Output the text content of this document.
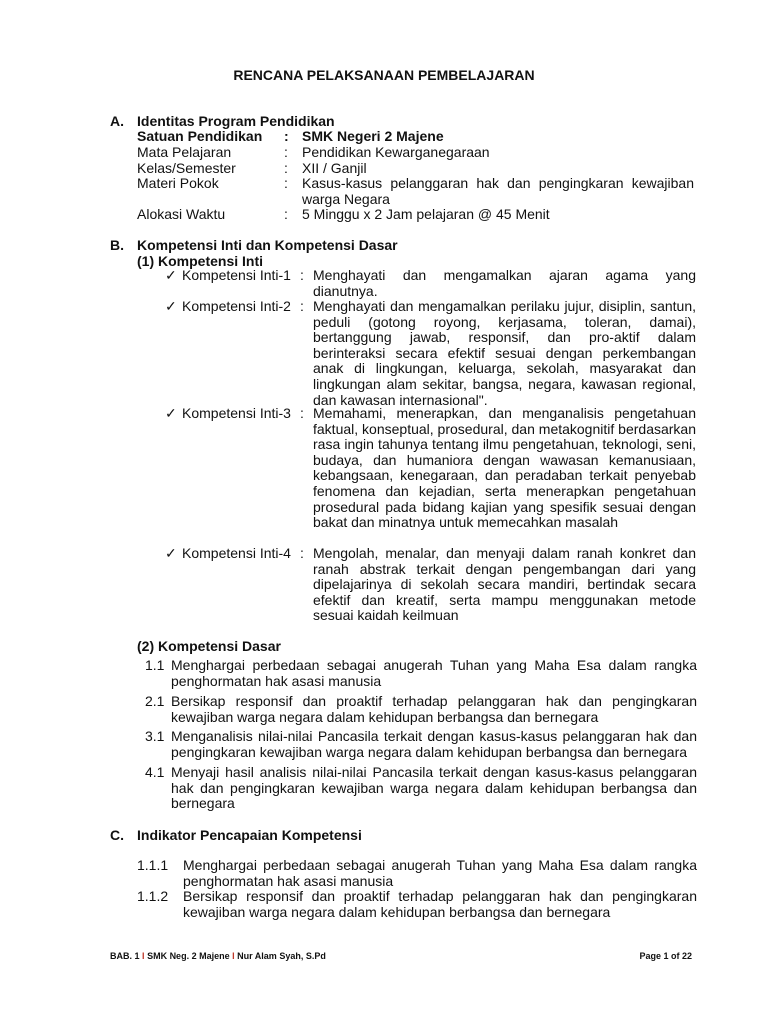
RENCANA PELAKSANAAN PEMBELAJARAN
A. Identitas Program Pendidikan
Satuan Pendidikan : SMK Negeri 2 Majene
Mata Pelajaran	: Pendidikan Kewarganegaraan
Kelas/Semester	: XII / Ganjil
Materi Pokok	: Kasus-kasus pelanggaran hak dan pengingkaran kewajiban warga Negara
Alokasi Waktu	: 5 Minggu x 2 Jam pelajaran @ 45 Menit
B. Kompetensi Inti dan Kompetensi Dasar
(1) Kompetensi Inti
✓ Kompetensi Inti-1 : Menghayati dan mengamalkan ajaran agama yang dianutnya.
✓ Kompetensi Inti-2 : Menghayati dan mengamalkan perilaku jujur, disiplin, santun, peduli (gotong royong, kerjasama, toleran, damai), bertanggung jawab, responsif, dan pro-aktif dalam berinteraksi secara efektif sesuai dengan perkembangan anak di lingkungan, keluarga, sekolah, masyarakat dan lingkungan alam sekitar, bangsa, negara, kawasan regional, dan kawasan internasional".
✓ Kompetensi Inti-3 : Memahami, menerapkan, dan menganalisis pengetahuan faktual, konseptual, prosedural, dan metakognitif berdasarkan rasa ingin tahunya tentang ilmu pengetahuan, teknologi, seni, budaya, dan humaniora dengan wawasan kemanusiaan, kebangsaan, kenegaraan, dan peradaban terkait penyebab fenomena dan kejadian, serta menerapkan pengetahuan prosedural pada bidang kajian yang spesifik sesuai dengan bakat dan minatnya untuk memecahkan masalah
✓ Kompetensi Inti-4 : Mengolah, menalar, dan menyaji dalam ranah konkret dan ranah abstrak terkait dengan pengembangan dari yang dipelajarinya di sekolah secara mandiri, bertindak secara efektif dan kreatif, serta mampu menggunakan metode sesuai kaidah keilmuan
(2) Kompetensi Dasar
1.1 Menghargai perbedaan sebagai anugerah Tuhan yang Maha Esa dalam rangka penghormatan hak asasi manusia
2.1 Bersikap responsif dan proaktif terhadap pelanggaran hak dan pengingkaran kewajiban warga negara dalam kehidupan berbangsa dan bernegara
3.1 Menganalisis nilai-nilai Pancasila terkait dengan kasus-kasus pelanggaran hak dan pengingkaran kewajiban warga negara dalam kehidupan berbangsa dan bernegara
4.1 Menyaji hasil analisis nilai-nilai Pancasila terkait dengan kasus-kasus pelanggaran hak dan pengingkaran kewajiban warga negara dalam kehidupan berbangsa dan bernegara
C. Indikator Pencapaian Kompetensi
1.1.1 Menghargai perbedaan sebagai anugerah Tuhan yang Maha Esa dalam rangka penghormatan hak asasi manusia
1.1.2 Bersikap responsif dan proaktif terhadap pelanggaran hak dan pengingkaran kewajiban warga negara dalam kehidupan berbangsa dan bernegara
BAB. 1 I SMK Neg. 2 Majene I Nur Alam Syah, S.Pd	Page 1 of 22
